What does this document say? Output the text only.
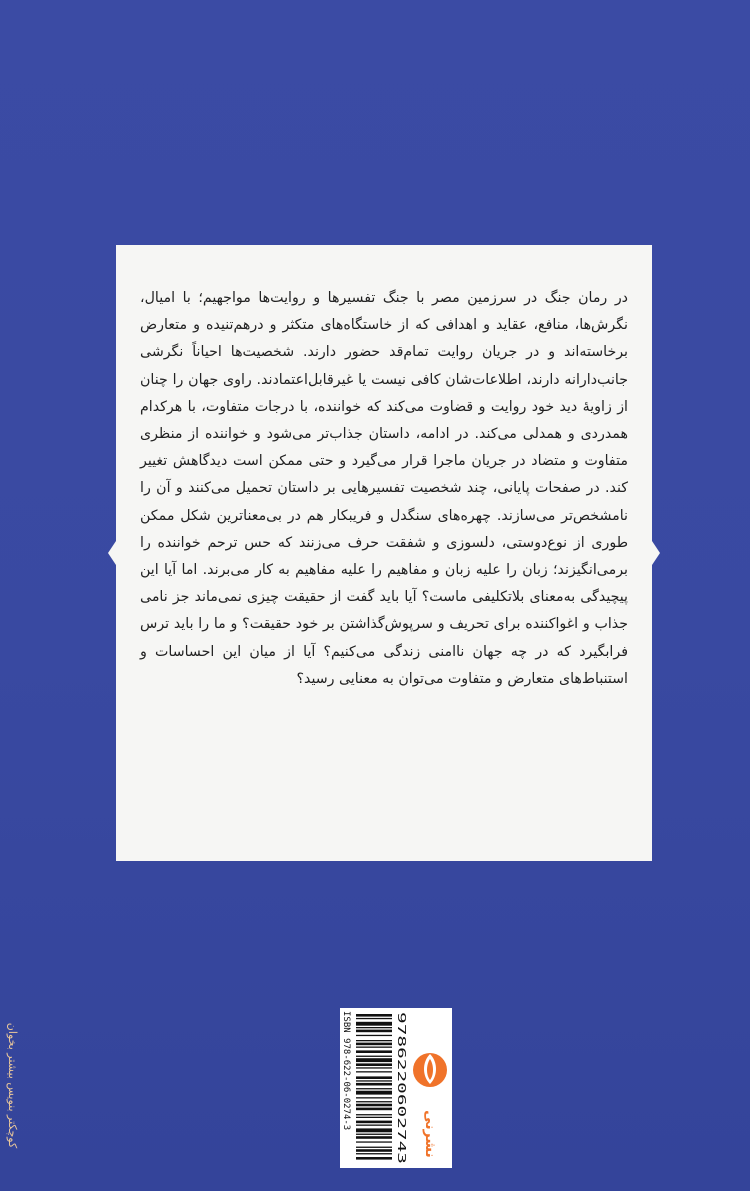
در رمان جنگ در سرزمین مصر با جنگ تفسیرها و روایت‌ها مواجهیم؛ با امیال، نگرش‌ها، منافع، عقاید و اهدافی که از خاستگاه‌های متکثر و درهم‌تنیده و متعارض برخاسته‌اند و در جریان روایت تمام‌قد حضور دارند. شخصیت‌ها احیاناً نگرشی جانب‌دارانه دارند، اطلاعات‌شان کافی نیست یا غیرقابل‌اعتمادند. راوی جهان را چنان از زاویهٔ دید خود روایت و قضاوت می‌کند که خواننده، با درجات متفاوت، با هرکدام همدردی و همدلی می‌کند. در ادامه، داستان جذاب‌تر می‌شود و خواننده از منظری متفاوت و متضاد در جریان ماجرا قرار می‌گیرد و حتی ممکن است دیدگاهش تغییر کند. در صفحات پایانی، چند شخصیت تفسیرهایی بر داستان تحمیل می‌کنند و آن را نامشخص‌تر می‌سازند. چهره‌های سنگدل و فریبکار هم در بی‌معناترین شکل ممکن طوری از نوع‌دوستی، دلسوزی و شفقت حرف می‌زنند که حس ترحم خواننده را برمی‌انگیزند؛ زبان را علیه زبان و مفاهیم را علیه مفاهیم به کار می‌برند. اما آیا این پیچیدگی به‌معنای بلاتکلیفی ماست؟ آیا باید گفت از حقیقت چیزی نمی‌ماند جز نامی جذاب و اغواکننده برای تحریف و سرپوش‌گذاشتن بر خود حقیقت؟ و ما را باید ترس فرابگیرد که در چه جهان ناامنی زندگی می‌کنیم؟ آیا از میان این احساسات و استنباط‌های متعارض و متفاوت می‌توان به معنایی رسید؟

ISBN 978-622-06-0274-3	9786220602743
نشرنی
کوچکتر بنویس بیشتر بخوان
